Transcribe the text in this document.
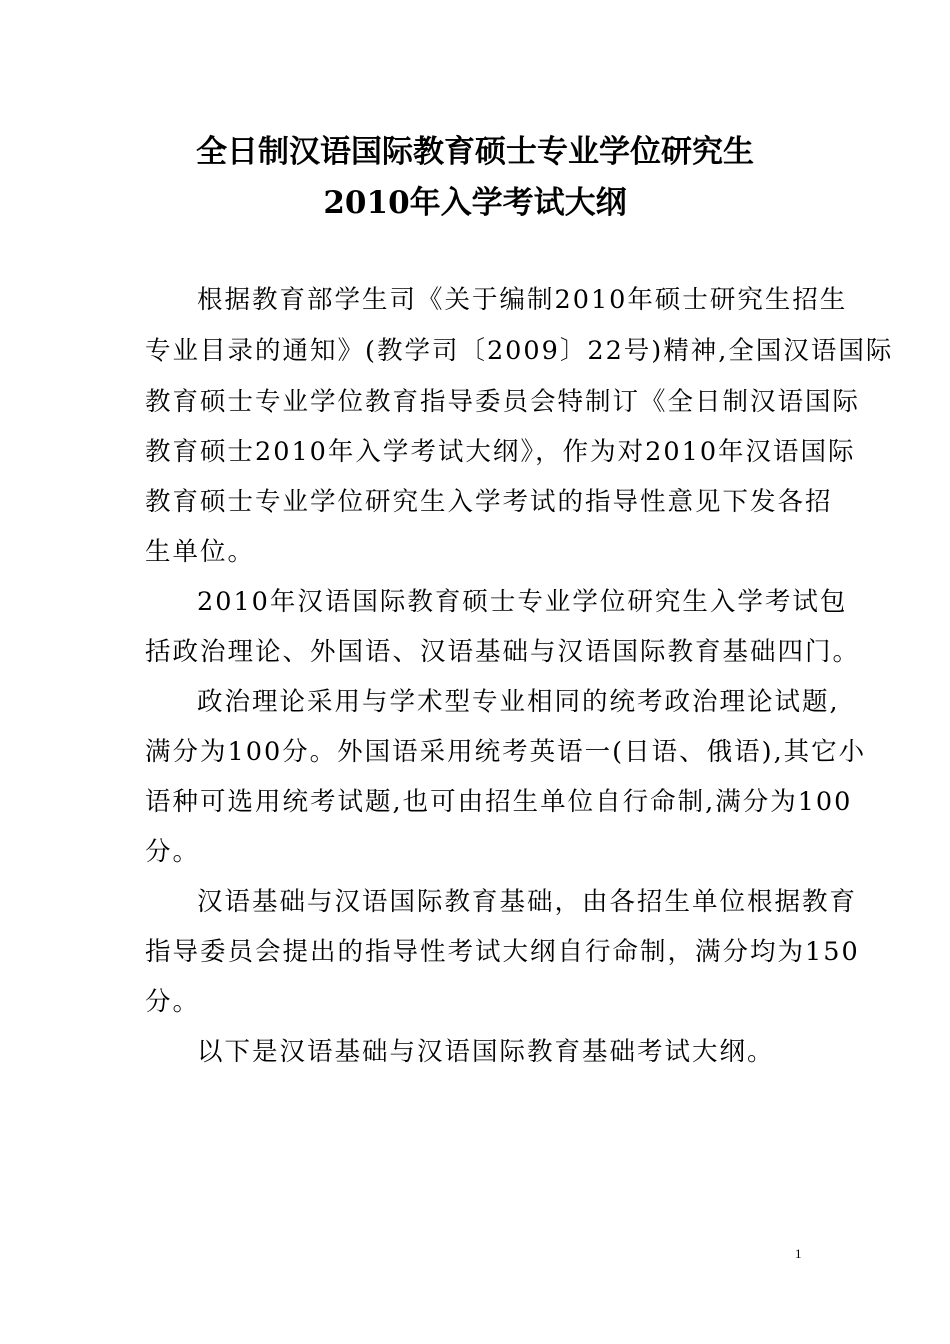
全日制汉语国际教育硕士专业学位研究生
2010年入学考试大纲
根据教育部学生司《关于编制2010年硕士研究生招生
专业目录的通知》(教学司〔2009〕22号)精神,全国汉语国际
教育硕士专业学位教育指导委员会特制订《全日制汉语国际
教育硕士2010年入学考试大纲》，作为对2010年汉语国际
教育硕士专业学位研究生入学考试的指导性意见下发各招
生单位。
2010年汉语国际教育硕士专业学位研究生入学考试包
括政治理论、外国语、汉语基础与汉语国际教育基础四门。
政治理论采用与学术型专业相同的统考政治理论试题,
满分为100分。外国语采用统考英语一(日语、俄语),其它小
语种可选用统考试题,也可由招生单位自行命制,满分为100
分。
汉语基础与汉语国际教育基础，由各招生单位根据教育
指导委员会提出的指导性考试大纲自行命制，满分均为150
分。
以下是汉语基础与汉语国际教育基础考试大纲。
1
